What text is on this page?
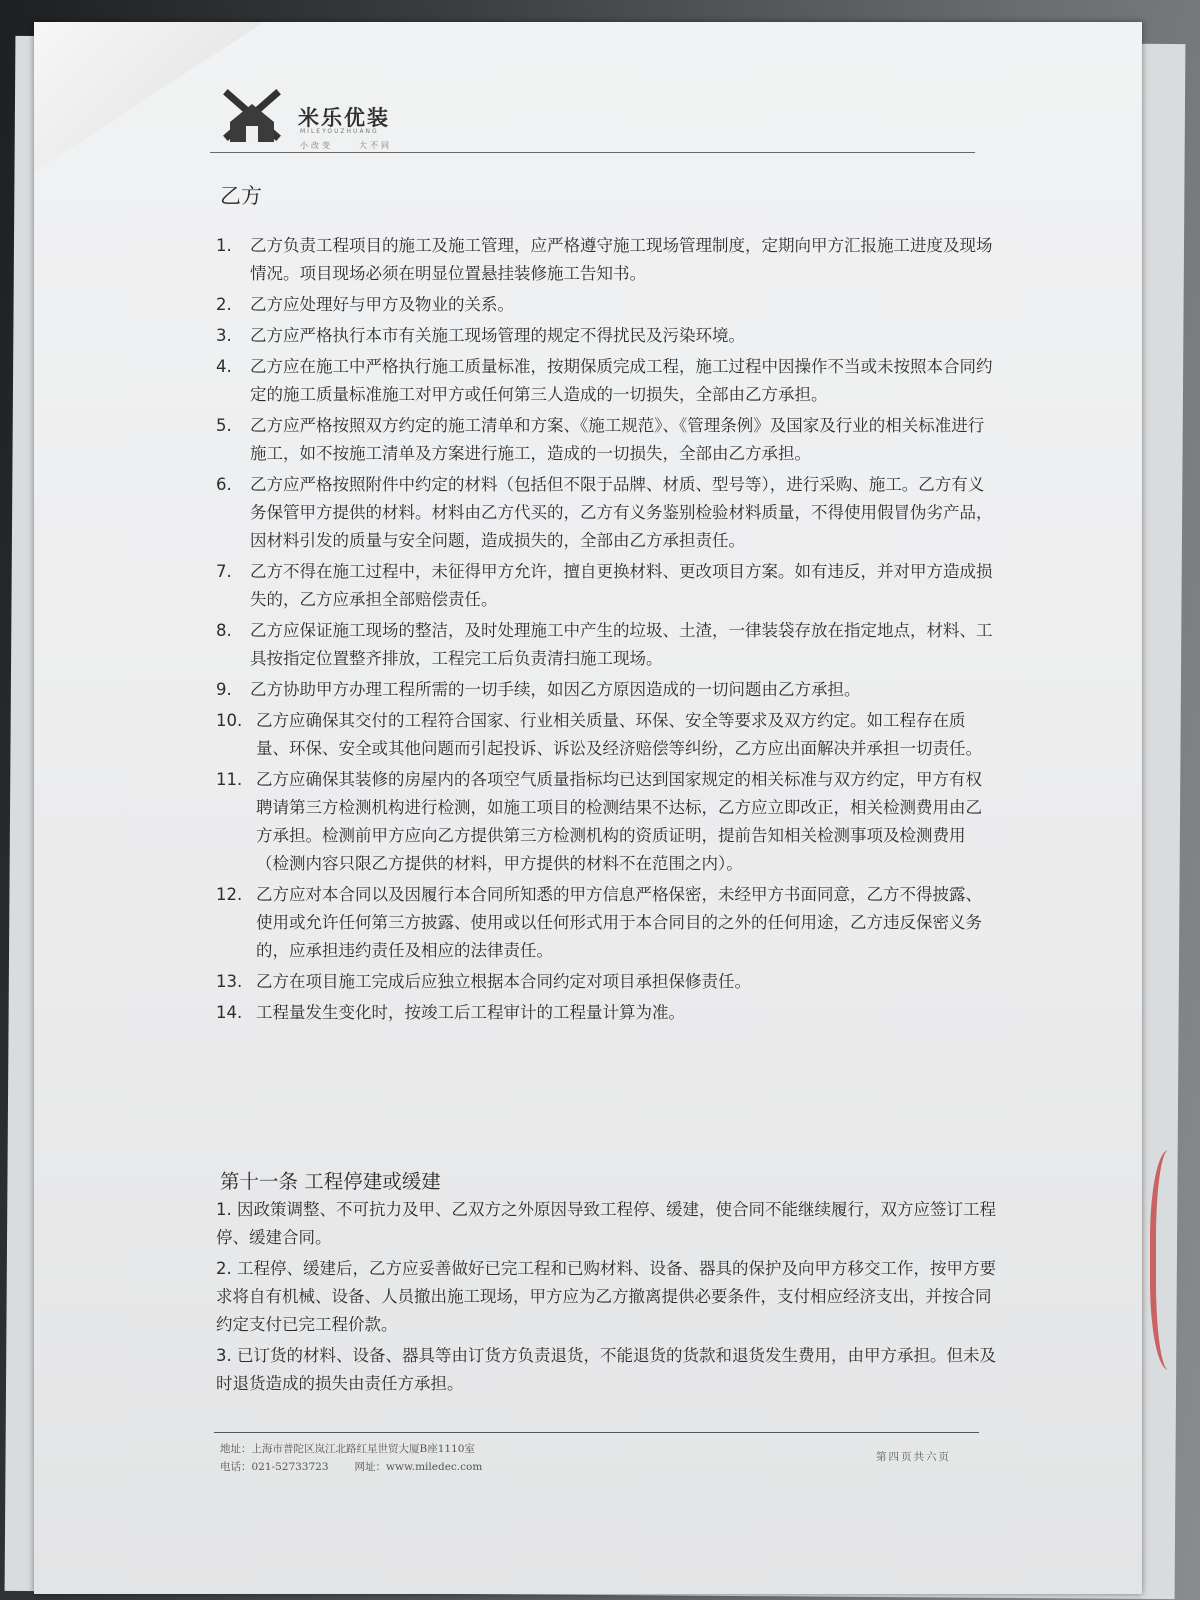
米乐优装
MILEYOUZHUANG
小改变	大不同
乙方
1. 乙方负责工程项目的施工及施工管理，应严格遵守施工现场管理制度，定期向甲方汇报施工进度及现场情况。项目现场必须在明显位置悬挂装修施工告知书。
2. 乙方应处理好与甲方及物业的关系。
3. 乙方应严格执行本市有关施工现场管理的规定不得扰民及污染环境。
4. 乙方应在施工中严格执行施工质量标准，按期保质完成工程，施工过程中因操作不当或未按照本合同约定的施工质量标准施工对甲方或任何第三人造成的一切损失，全部由乙方承担。
5. 乙方应严格按照双方约定的施工清单和方案、《施工规范》、《管理条例》及国家及行业的相关标准进行施工，如不按施工清单及方案进行施工，造成的一切损失，全部由乙方承担。
6. 乙方应严格按照附件中约定的材料（包括但不限于品牌、材质、型号等），进行采购、施工。乙方有义务保管甲方提供的材料。材料由乙方代买的，乙方有义务鉴别检验材料质量，不得使用假冒伪劣产品，因材料引发的质量与安全问题，造成损失的，全部由乙方承担责任。
7. 乙方不得在施工过程中，未征得甲方允许，擅自更换材料、更改项目方案。如有违反，并对甲方造成损失的，乙方应承担全部赔偿责任。
8. 乙方应保证施工现场的整洁，及时处理施工中产生的垃圾、土渣，一律装袋存放在指定地点，材料、工具按指定位置整齐排放，工程完工后负责清扫施工现场。
9. 乙方协助甲方办理工程所需的一切手续，如因乙方原因造成的一切问题由乙方承担。
10. 乙方应确保其交付的工程符合国家、行业相关质量、环保、安全等要求及双方约定。如工程存在质量、环保、安全或其他问题而引起投诉、诉讼及经济赔偿等纠纷，乙方应出面解决并承担一切责任。
11. 乙方应确保其装修的房屋内的各项空气质量指标均已达到国家规定的相关标准与双方约定，甲方有权聘请第三方检测机构进行检测，如施工项目的检测结果不达标，乙方应立即改正，相关检测费用由乙方承担。检测前甲方应向乙方提供第三方检测机构的资质证明，提前告知相关检测事项及检测费用（检测内容只限乙方提供的材料，甲方提供的材料不在范围之内）。
12. 乙方应对本合同以及因履行本合同所知悉的甲方信息严格保密，未经甲方书面同意，乙方不得披露、使用或允许任何第三方披露、使用或以任何形式用于本合同目的之外的任何用途，乙方违反保密义务的，应承担违约责任及相应的法律责任。
13. 乙方在项目施工完成后应独立根据本合同约定对项目承担保修责任。
14. 工程量发生变化时，按竣工后工程审计的工程量计算为准。
第十一条 工程停建或缓建
1. 因政策调整、不可抗力及甲、乙双方之外原因导致工程停、缓建，使合同不能继续履行，双方应签订工程停、缓建合同。
2. 工程停、缓建后，乙方应妥善做好已完工程和已购材料、设备、器具的保护及向甲方移交工作，按甲方要求将自有机械、设备、人员撤出施工现场，甲方应为乙方撤离提供必要条件，支付相应经济支出，并按合同约定支付已完工程价款。
3. 已订货的材料、设备、器具等由订货方负责退货，不能退货的货款和退货发生费用，由甲方承担。但未及时退货造成的损失由责任方承担。
地址：上海市普陀区岚江北路红星世贸大厦B座1110室
电话：021-52733723 网址：www.miledec.com
第四页共六页
